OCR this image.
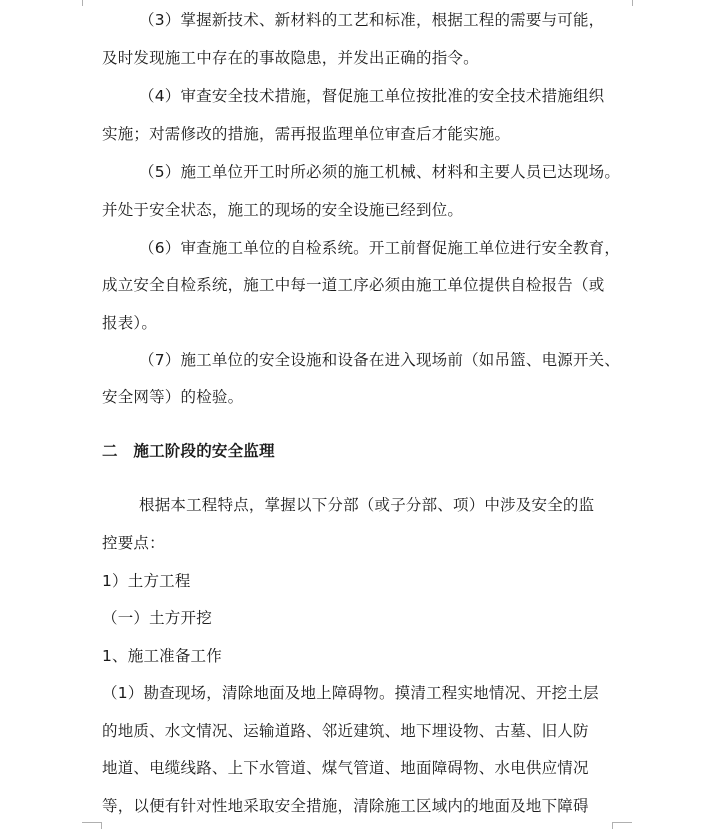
（3）掌握新技术、新材料的工艺和标准，根据工程的需要与可能，
及时发现施工中存在的事故隐患，并发出正确的指令。
（4）审查安全技术措施，督促施工单位按批准的安全技术措施组织
实施；对需修改的措施，需再报监理单位审查后才能实施。
（5）施工单位开工时所必须的施工机械、材料和主要人员已达现场。
并处于安全状态，施工的现场的安全设施已经到位。
（6）审查施工单位的自检系统。开工前督促施工单位进行安全教育，
成立安全自检系统，施工中每一道工序必须由施工单位提供自检报告（或
报表）。
（7）施工单位的安全设施和设备在进入现场前（如吊篮、电源开关、
安全网等）的检验。
二　施工阶段的安全监理
根据本工程特点，掌握以下分部（或子分部、项）中涉及安全的监
控要点：
1）土方工程
（一）土方开挖
1、施工准备工作
（1）勘查现场，清除地面及地上障碍物。摸清工程实地情况、开挖土层
的地质、水文情况、运输道路、邻近建筑、地下埋设物、古墓、旧人防
地道、电缆线路、上下水管道、煤气管道、地面障碍物、水电供应情况
等，以便有针对性地采取安全措施，清除施工区域内的地面及地下障碍
